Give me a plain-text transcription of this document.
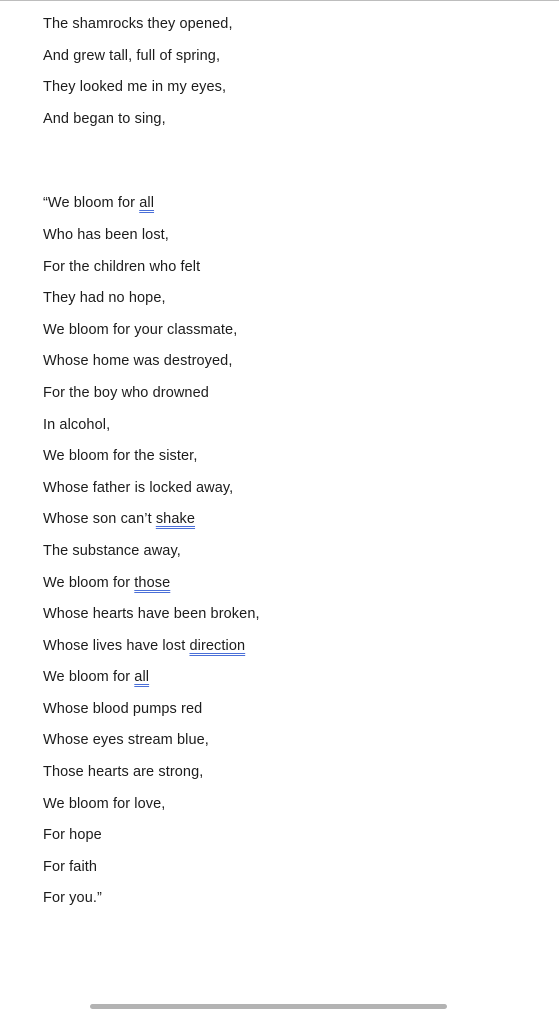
The shamrocks they opened,
And grew tall, full of spring,
They looked me in my eyes,
And began to sing,
“We bloom for all
Who has been lost,
For the children who felt
They had no hope,
We bloom for your classmate,
Whose home was destroyed,
For the boy who drowned
In alcohol,
We bloom for the sister,
Whose father is locked away,
Whose son can’t shake
The substance away,
We bloom for those
Whose hearts have been broken,
Whose lives have lost direction
We bloom for all
Whose blood pumps red
Whose eyes stream blue,
Those hearts are strong,
We bloom for love,
For hope
For faith
For you.”
